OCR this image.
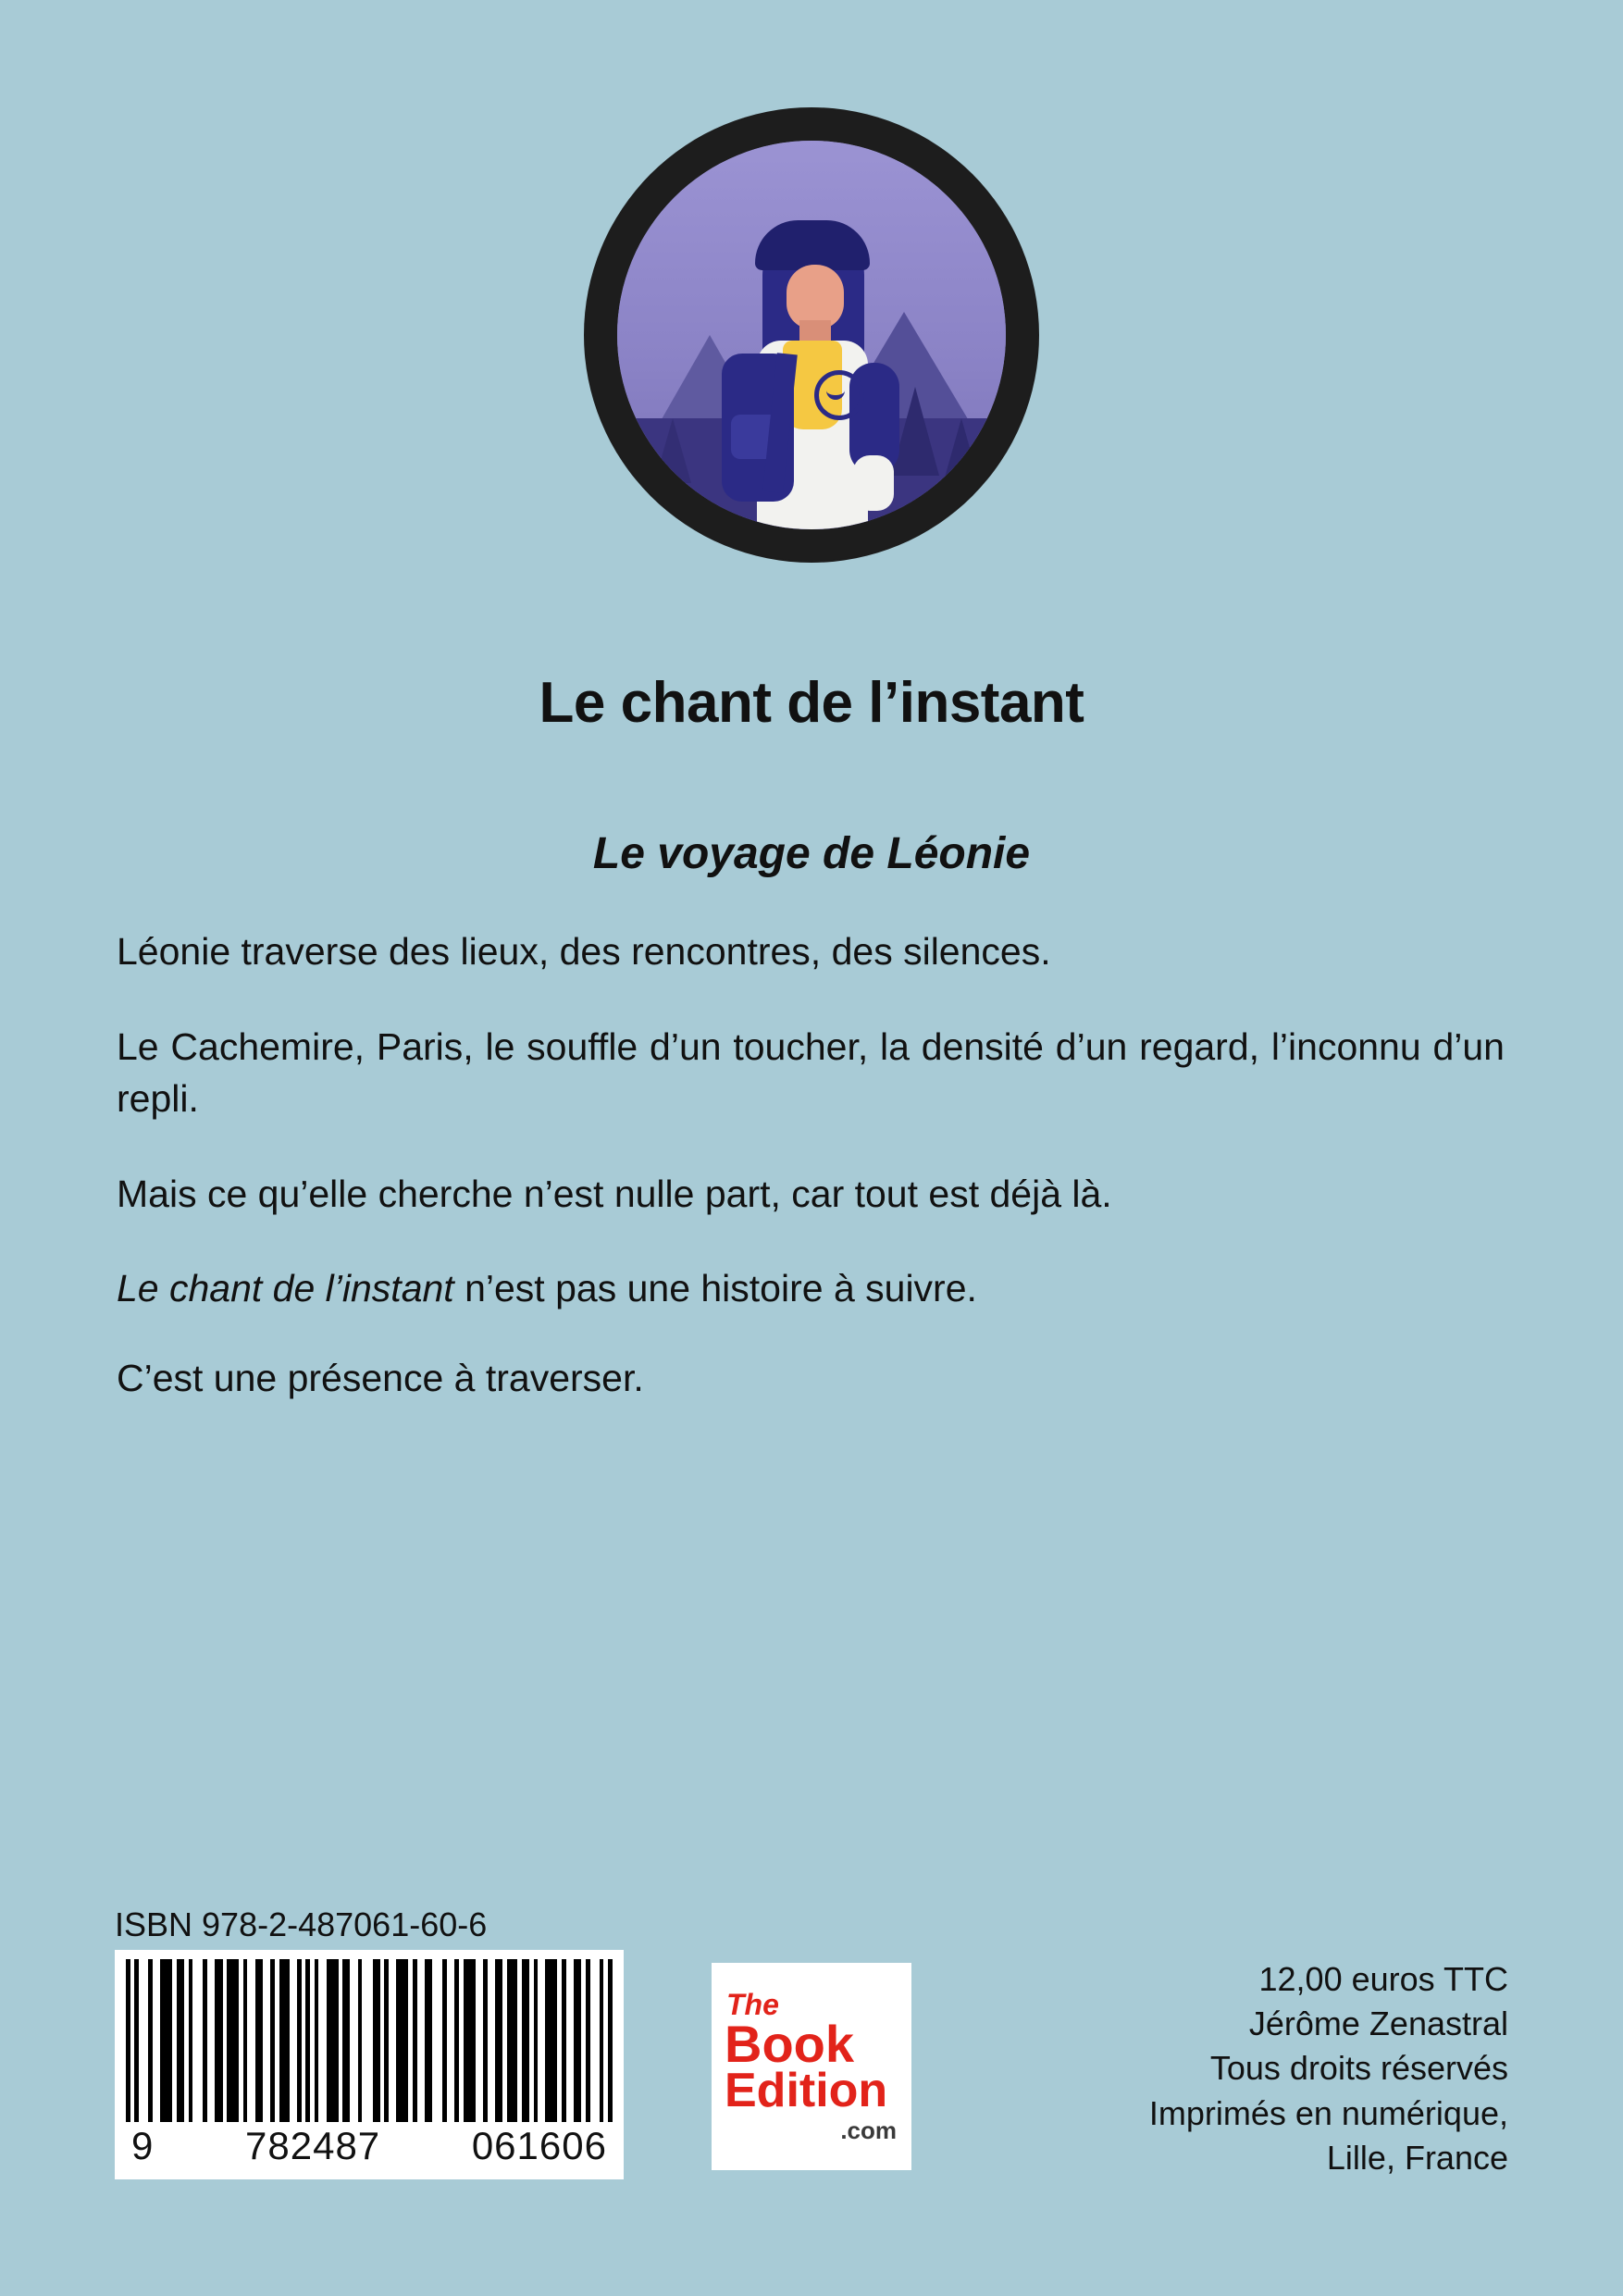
Le chant de l’instant
Le voyage de Léonie

Léonie traverse des lieux, des rencontres, des silences.

Le Cachemire, Paris, le souffle d’un toucher, la densité d’un regard, l’inconnu d’un repli.

Mais ce qu’elle cherche n’est nulle part, car tout est déjà là.

Le chant de l’instant n’est pas une histoire à suivre.

C’est une présence à traverser.

ISBN 978-2-487061-60-6
9 782487 061606
The
Book
Edition
.com
12,00 euros TTC
Jérôme Zenastral
Tous droits réservés
Imprimés en numérique,
Lille, France
